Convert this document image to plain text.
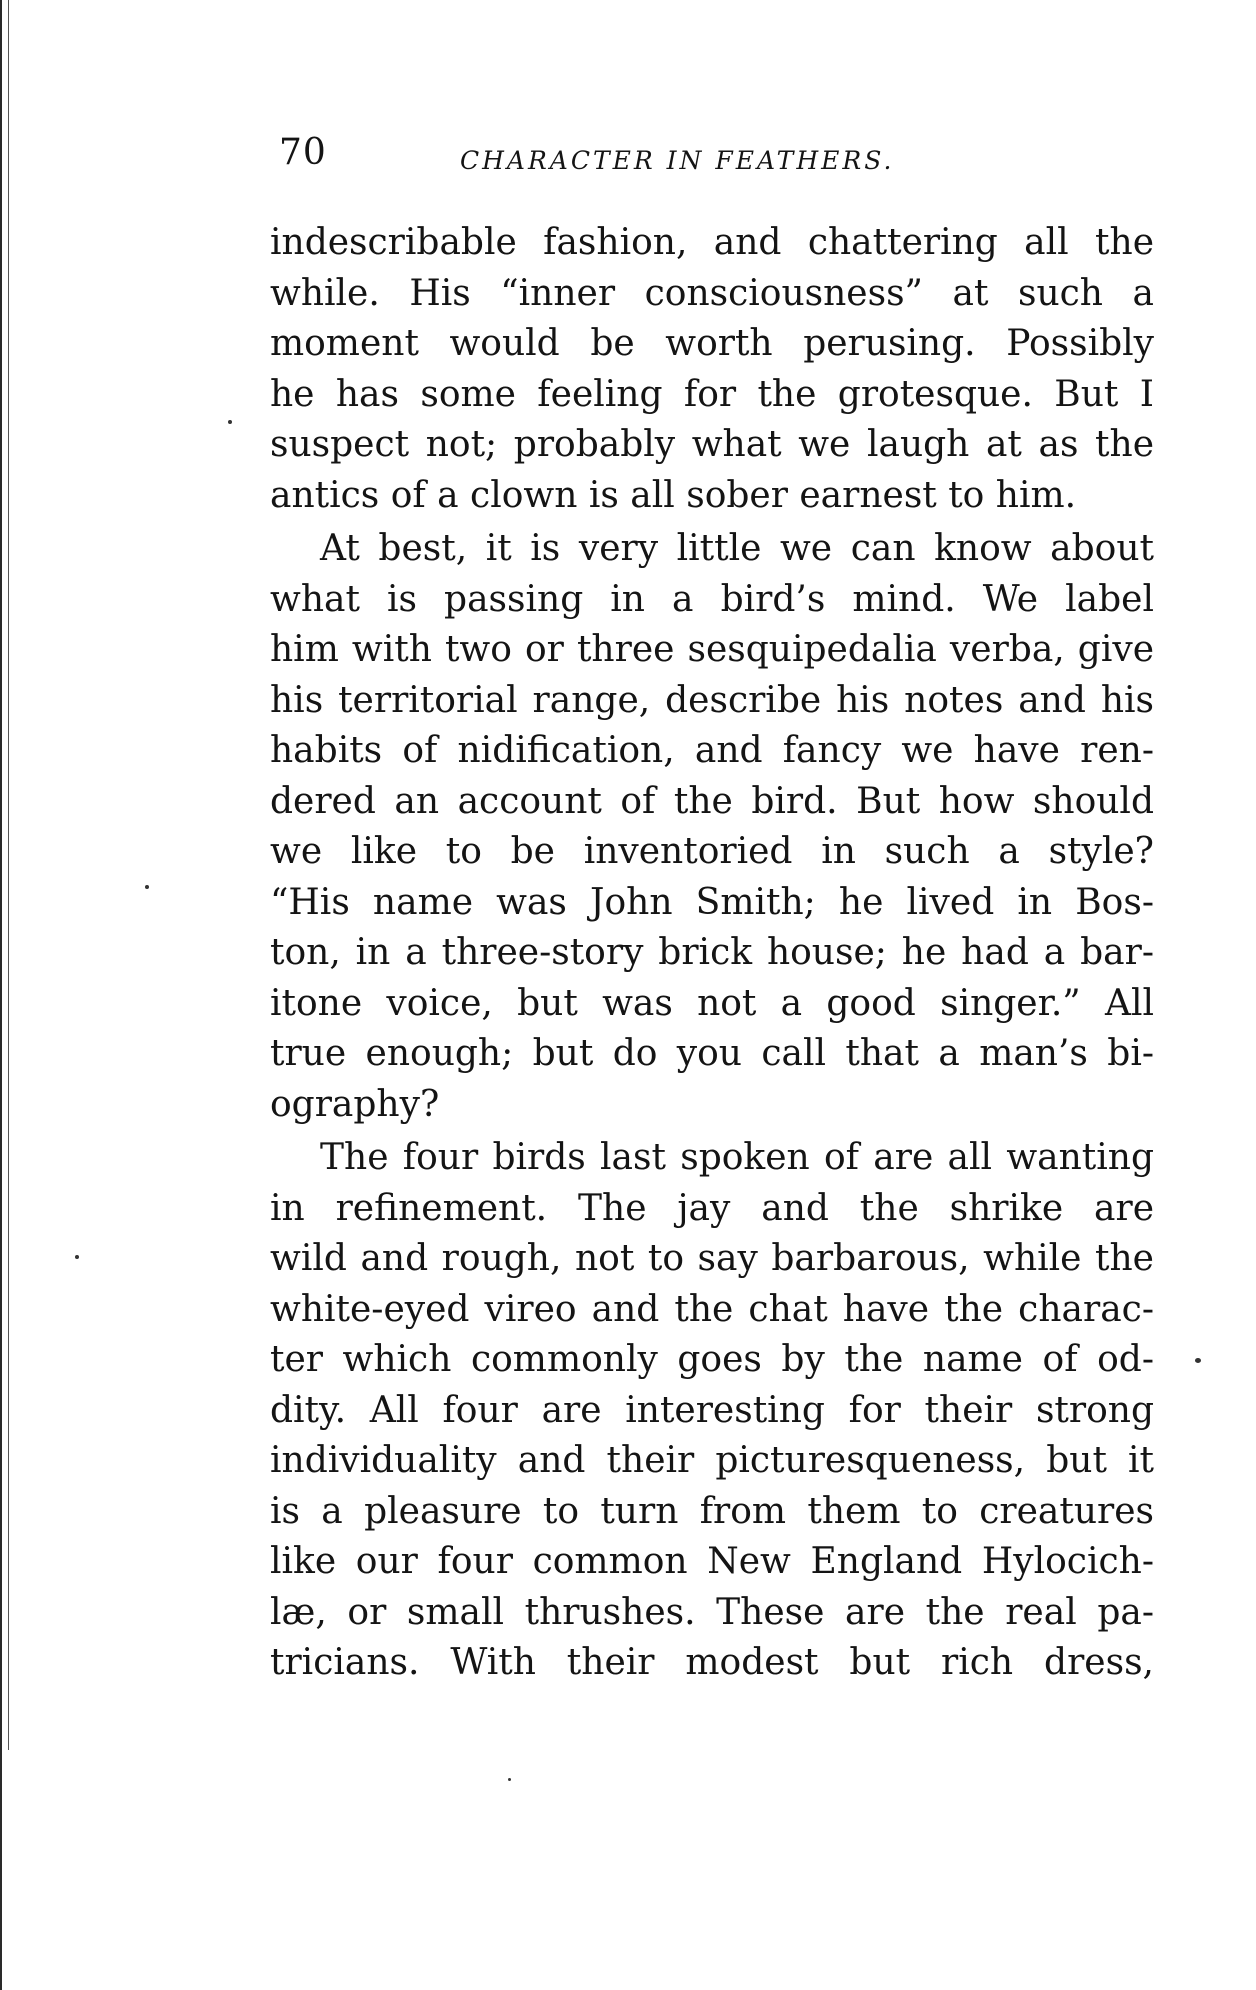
70	CHARACTER IN FEATHERS.
indescribable fashion, and chattering all the
while. His “inner consciousness” at such a
moment would be worth perusing. Possibly
he has some feeling for the grotesque. But I
suspect not; probably what we laugh at as the
antics of a clown is all sober earnest to him.
At best, it is very little we can know about
what is passing in a bird’s mind. We label
him with two or three sesquipedalia verba, give
his territorial range, describe his notes and his
habits of nidification, and fancy we have ren-
dered an account of the bird. But how should
we like to be inventoried in such a style?
“His name was John Smith; he lived in Bos-
ton, in a three-story brick house; he had a bar-
itone voice, but was not a good singer.” All
true enough; but do you call that a man’s bi-
ography?
The four birds last spoken of are all wanting
in refinement. The jay and the shrike are
wild and rough, not to say barbarous, while the
white-eyed vireo and the chat have the charac-
ter which commonly goes by the name of od-
dity. All four are interesting for their strong
individuality and their picturesqueness, but it
is a pleasure to turn from them to creatures
like our four common New England Hylocich-
læ, or small thrushes. These are the real pa-
tricians. With their modest but rich dress,
